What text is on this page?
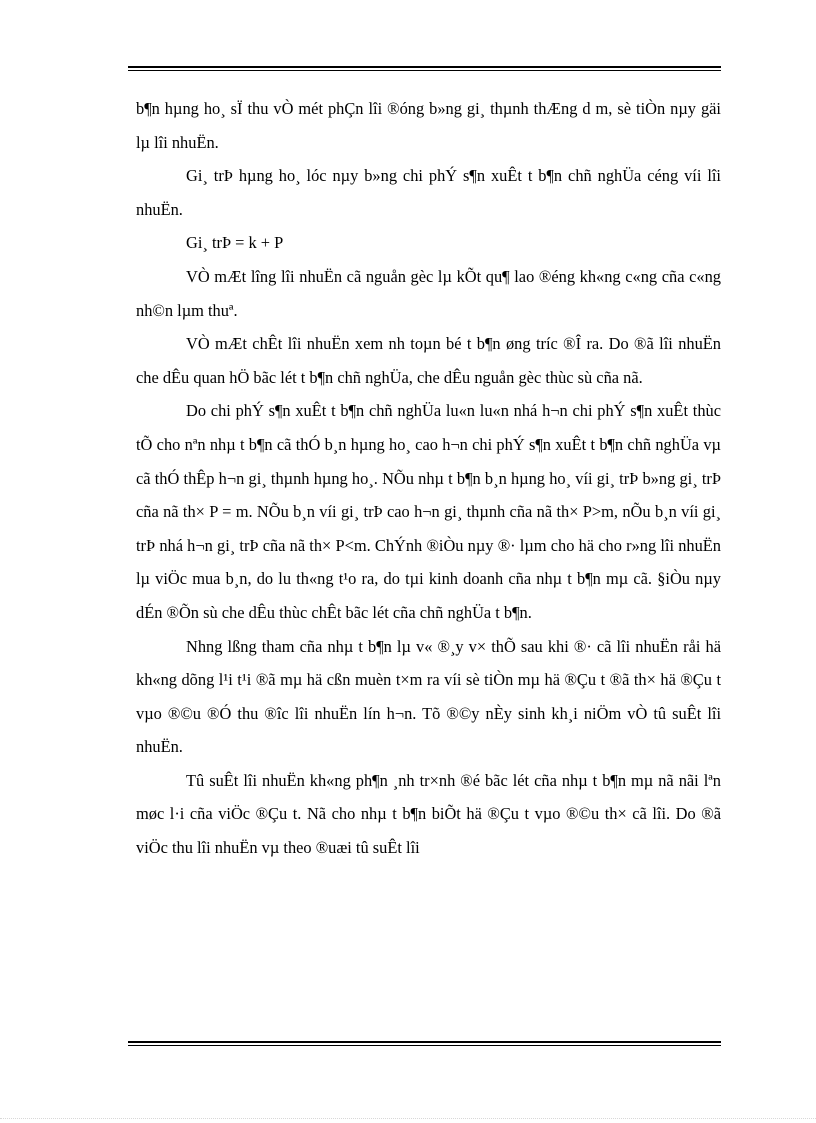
b¶n hµng ho¸ sÏ thu vÒ mét phÇn lîi ®óng b»ng gi¸ thµnh thÆng d m, sè tiÒn nµy gäi lµ lîi nhuËn.

Gi¸ trÞ hµng ho¸ lóc nµy b»ng chi phÝ s¶n xuÊt t b¶n chñ nghÜa céng víi lîi nhuËn.

Gi¸ trÞ = k + P

VÒ mÆt lîng lîi nhuËn cã nguån gèc lµ kÕt qu¶ lao ®éng kh«ng c«ng cña c«ng nh©n lµm thuª.

VÒ mÆt chÊt lîi nhuËn xem nh toµn bé t b¶n øng tríc ®Î ra. Do ®ã lîi nhuËn che dÊu quan hÖ bãc lét t b¶n chñ nghÜa, che dÊu nguån gèc thùc sù cña nã.

Do chi phÝ s¶n xuÊt t b¶n chñ nghÜa lu«n lu«n nhá h¬n chi phÝ s¶n xuÊt thùc tÕ cho nªn nhµ t b¶n cã thÓ b¸n hµng ho¸ cao h¬n chi phÝ s¶n xuÊt t b¶n chñ nghÜa vµ cã thÓ thÊp h¬n gi¸ thµnh hµng ho¸. NÕu nhµ t b¶n b¸n hµng ho¸ víi gi¸ trÞ b»ng gi¸ trÞ cña nã th× P = m. NÕu b¸n víi gi¸ trÞ cao h¬n gi¸ thµnh cña nã th× P>m, nÕu b¸n víi gi¸ trÞ nhá h¬n gi¸ trÞ cña nã th× P<m. ChÝnh ®iÒu nµy ®· lµm cho hä cho r»ng lîi nhuËn lµ viÖc mua b¸n, do lu th«ng t¹o ra, do tµi kinh doanh cña nhµ t b¶n mµ cã. §iÒu nµy dÉn ®Õn sù che dÊu thùc chÊt bãc lét cña chñ nghÜa t b¶n.

Nhng lßng tham cña nhµ t b¶n lµ v« ®¸y v× thÕ sau khi ®· cã lîi nhuËn råi hä kh«ng dõng l¹i t¹i ®ã mµ hä cßn muèn t×m ra víi sè tiÒn mµ hä ®Çu t ®ã th× hä ®Çu t vµo ®©u ®Ó thu ®îc lîi nhuËn lín h¬n. Tõ ®©y nÈy sinh kh¸i niÖm vÒ tû suÊt lîi nhuËn.

Tû suÊt lîi nhuËn kh«ng ph¶n ¸nh tr×nh ®é bãc lét cña nhµ t b¶n mµ nã nãi lªn møc l·i cña viÖc ®Çu t. Nã cho nhµ t b¶n biÕt hä ®Çu t vµo ®©u th× cã lîi. Do ®ã viÖc thu lîi nhuËn vµ theo ®uæi tû suÊt lîi
